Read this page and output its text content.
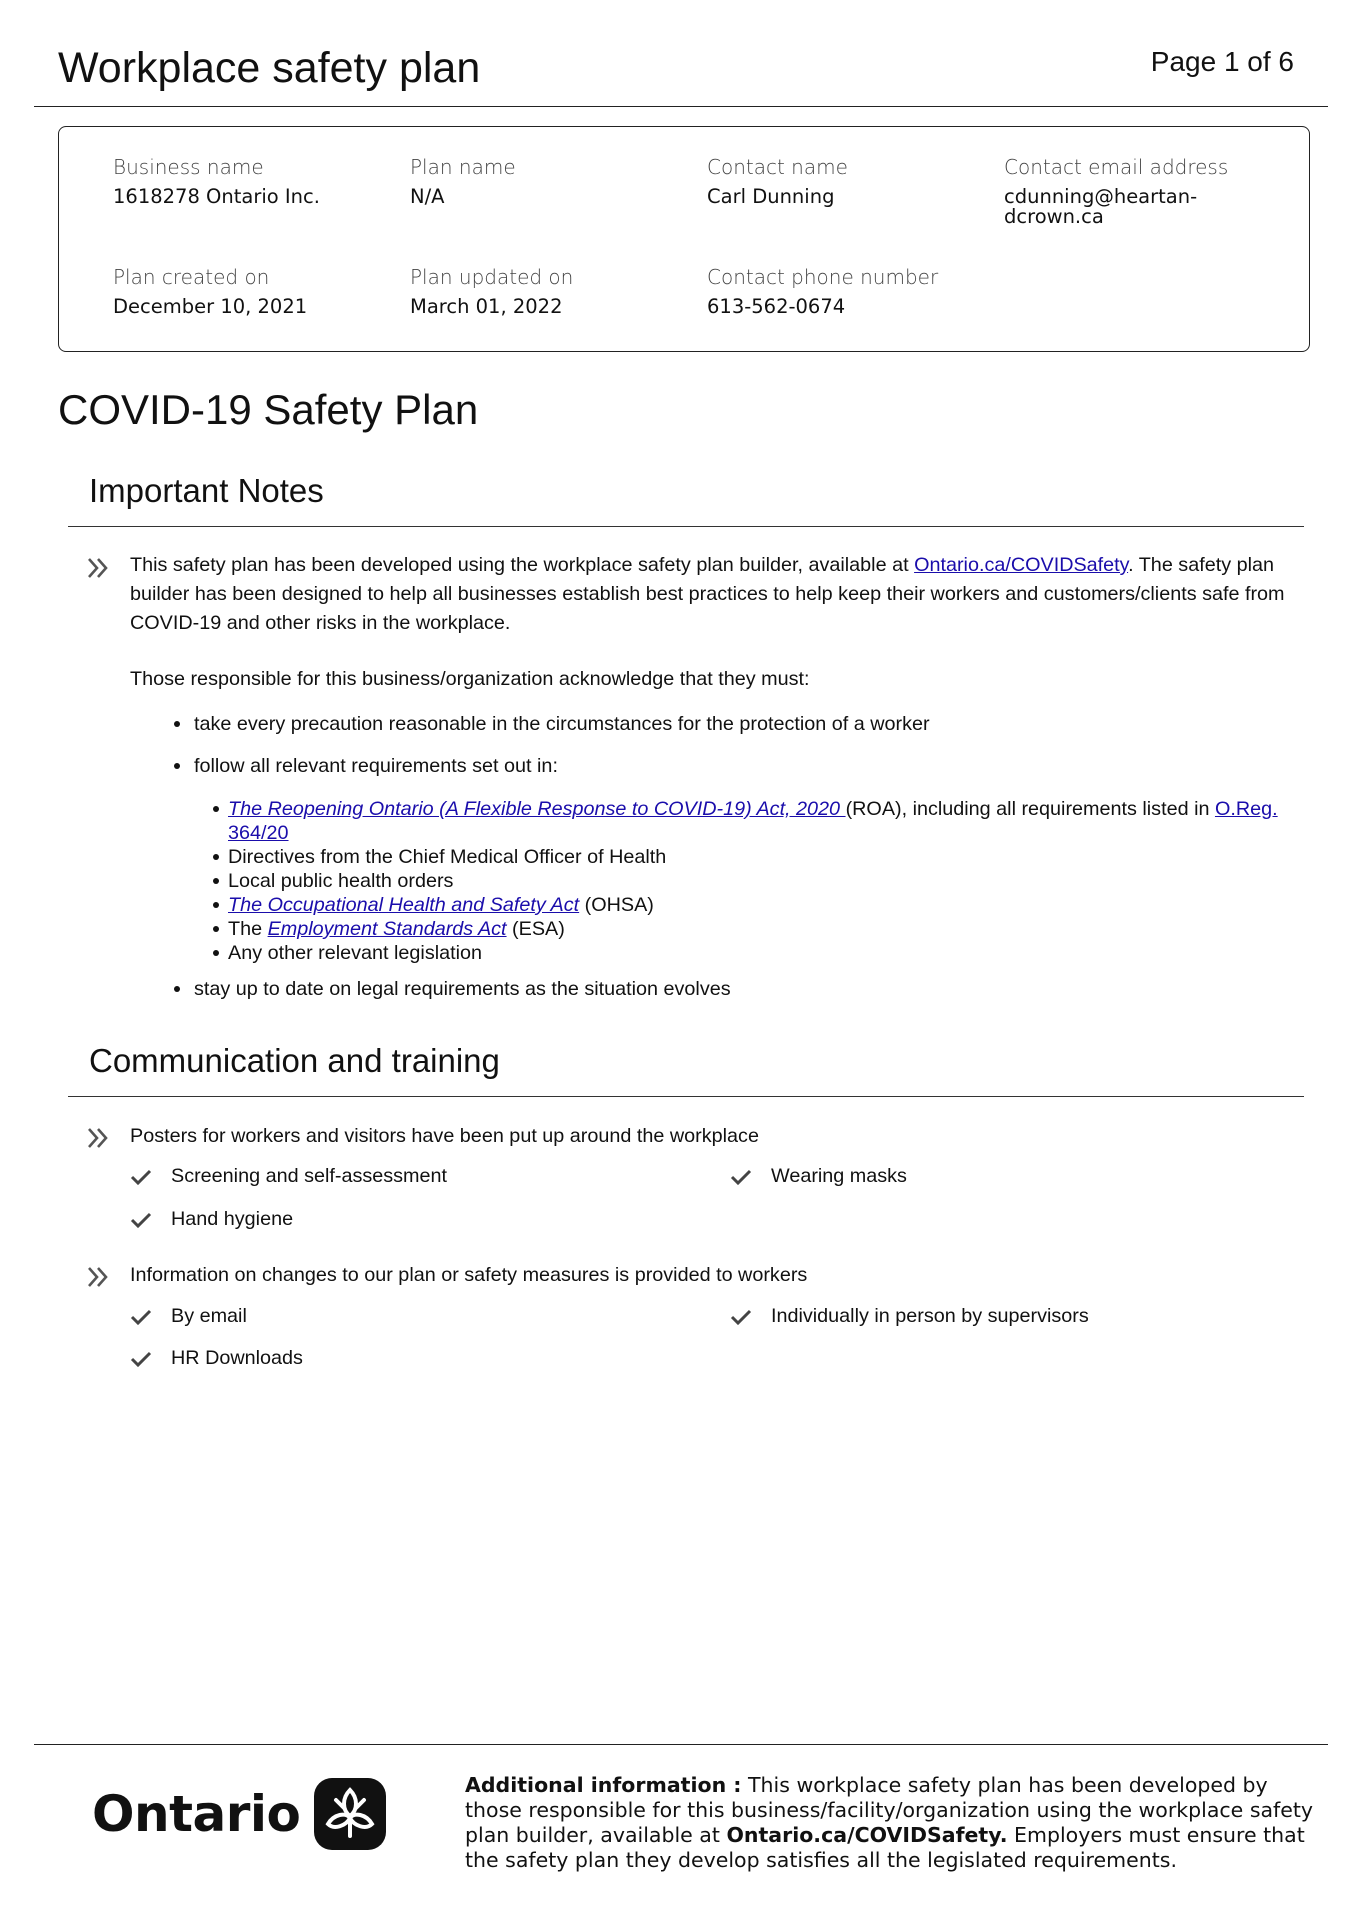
Workplace safety plan	Page 1 of 6
Business name
1618278 Ontario Inc.
Plan name
N/A
Contact name
Carl Dunning
Contact email address
cdunning@heartan-
dcrown.ca
Plan created on
December 10, 2021
Plan updated on
March 01, 2022
Contact phone number
613-562-0674
COVID-19 Safety Plan
Important Notes
This safety plan has been developed using the workplace safety plan builder, available at Ontario.ca/COVIDSafety. The safety plan builder has been designed to help all businesses establish best practices to help keep their workers and customers/clients safe from COVID-19 and other risks in the workplace.
Those responsible for this business/organization acknowledge that they must:
take every precaution reasonable in the circumstances for the protection of a worker
follow all relevant requirements set out in:
The Reopening Ontario (A Flexible Response to COVID-19) Act, 2020 (ROA), including all requirements listed in O.Reg. 364/20
Directives from the Chief Medical Officer of Health
Local public health orders
The Occupational Health and Safety Act (OHSA)
The Employment Standards Act (ESA)
Any other relevant legislation
stay up to date on legal requirements as the situation evolves
Communication and training
Posters for workers and visitors have been put up around the workplace
Screening and self-assessment	Wearing masks
Hand hygiene
Information on changes to our plan or safety measures is provided to workers
By email	Individually in person by supervisors
HR Downloads
Ontario	Additional information : This workplace safety plan has been developed by those responsible for this business/facility/organization using the workplace safety plan builder, available at Ontario.ca/COVIDSafety. Employers must ensure that the safety plan they develop satisfies all the legislated requirements.
